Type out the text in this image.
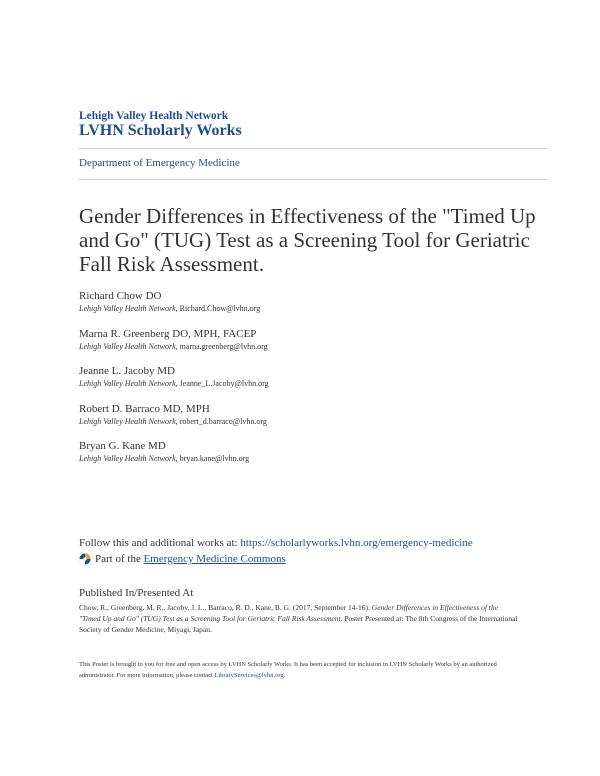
Lehigh Valley Health Network
LVHN Scholarly Works
Department of Emergency Medicine
Gender Differences in Effectiveness of the "Timed Up and Go" (TUG) Test as a Screening Tool for Geriatric Fall Risk Assessment.
Richard Chow DO
Lehigh Valley Health Network, Richard.Chow@lvhn.org
Marna R. Greenberg DO, MPH, FACEP
Lehigh Valley Health Network, marna.greenberg@lvhn.org
Jeanne L. Jacoby MD
Lehigh Valley Health Network, Jeanne_L.Jacoby@lvhn.org
Robert D. Barraco MD, MPH
Lehigh Valley Health Network, robert_d.barraco@lvhn.org
Bryan G. Kane MD
Lehigh Valley Health Network, bryan.kane@lvhn.org
Follow this and additional works at: https://scholarlyworks.lvhn.org/emergency-medicine
Part of the
Emergency Medicine Commons
Published In/Presented At
Chow, R., Greenberg, M. R., Jacoby, J. L., Barraco, R. D., Kane, B. G. (2017, September 14-16). Gender Differences in Effectiveness of the "Timed Up and Go" (TUG) Test as a Screening Tool for Geriatric Fall Risk Assessment. Poster Presented at: The 8th Congress of the International Society of Gender Medicine, Miyagi, Japan.
This Poster is brought to you for free and open access by LVHN Scholarly Works. It has been accepted for inclusion in LVHN Scholarly Works by an authorized administrator. For more information, please contact LibraryServices@lvhn.org.
